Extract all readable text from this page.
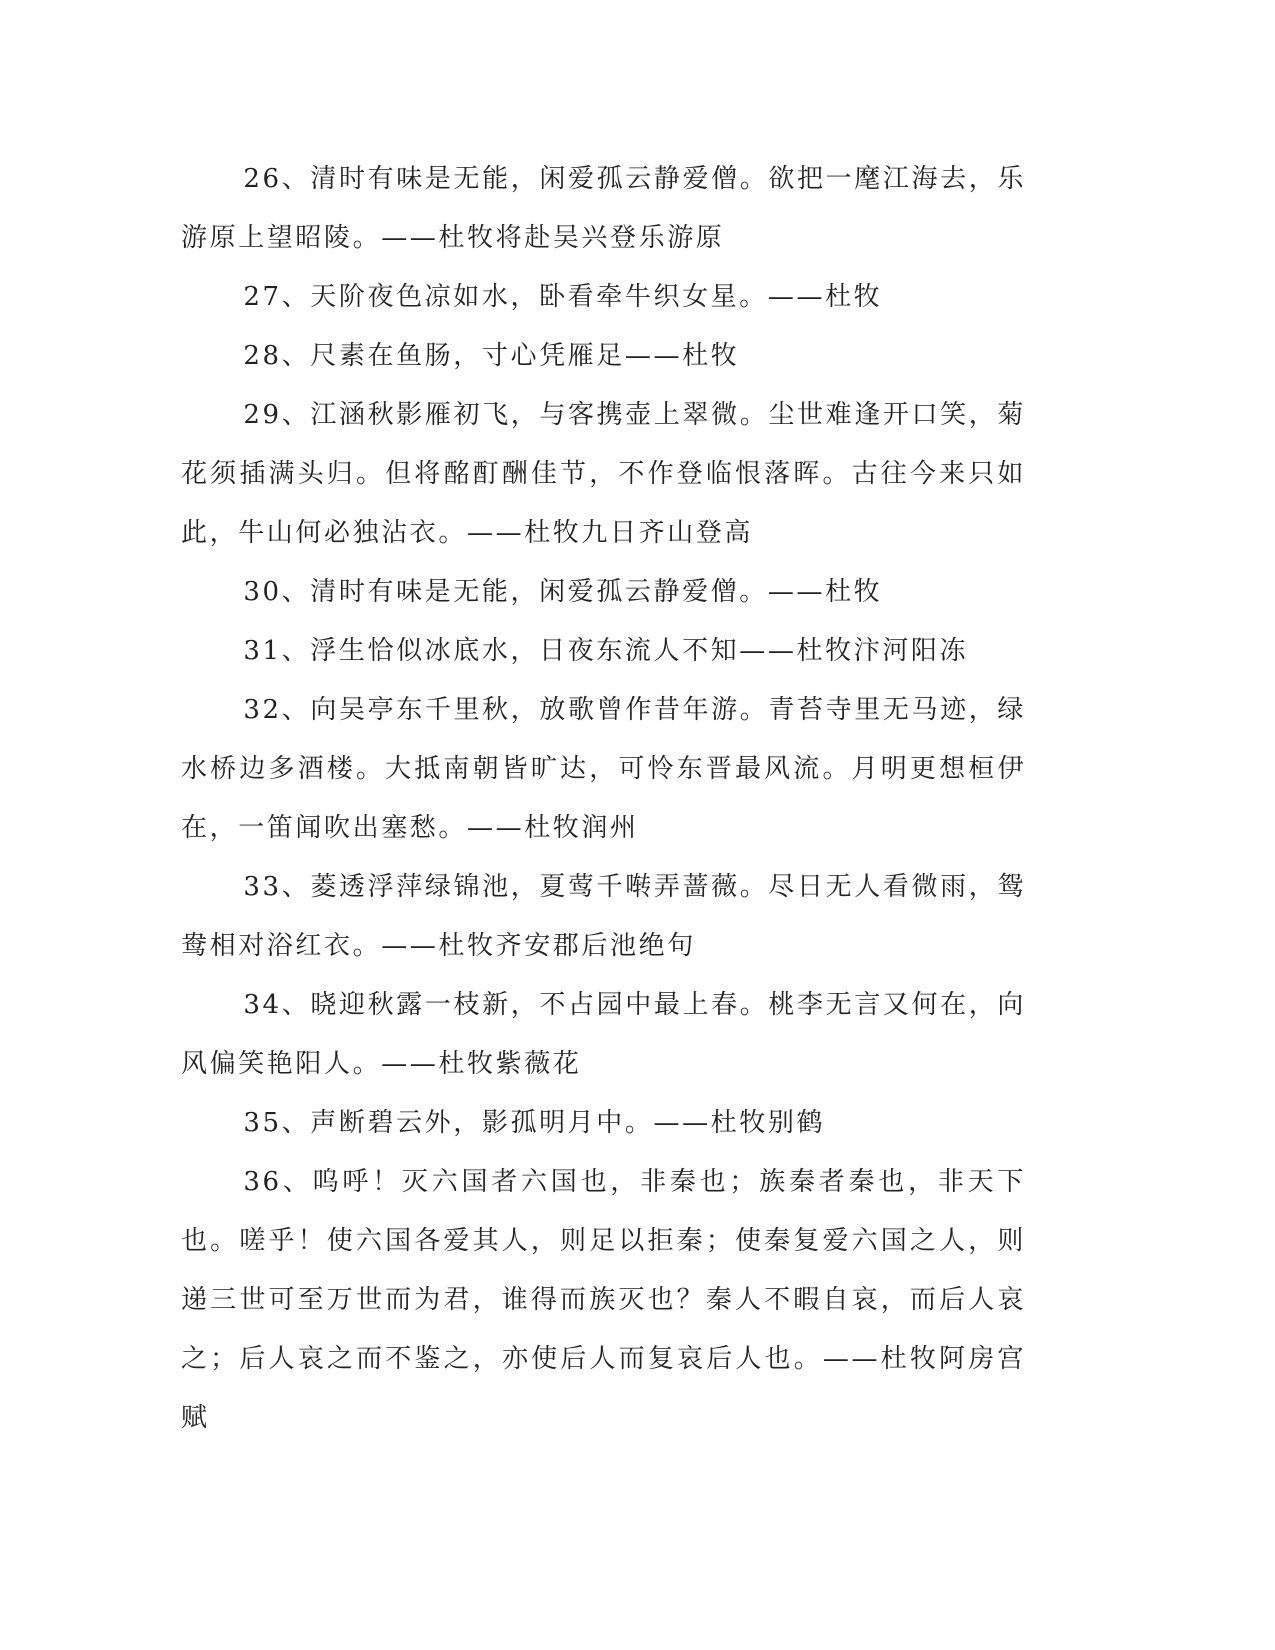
26、清时有味是无能，闲爱孤云静爱僧。欲把一麾江海去，乐游原上望昭陵。——杜牧将赴吴兴登乐游原

27、天阶夜色凉如水，卧看牵牛织女星。——杜牧

28、尺素在鱼肠，寸心凭雁足——杜牧

29、江涵秋影雁初飞，与客携壶上翠微。尘世难逢开口笑，菊花须插满头归。但将酩酊酬佳节，不作登临恨落晖。古往今来只如此，牛山何必独沾衣。——杜牧九日齐山登高

30、清时有味是无能，闲爱孤云静爱僧。——杜牧

31、浮生恰似冰底水，日夜东流人不知——杜牧汴河阳冻

32、向吴亭东千里秋，放歌曾作昔年游。青苔寺里无马迹，绿水桥边多酒楼。大抵南朝皆旷达，可怜东晋最风流。月明更想桓伊在，一笛闻吹出塞愁。——杜牧润州

33、菱透浮萍绿锦池，夏莺千啭弄蔷薇。尽日无人看微雨，鸳鸯相对浴红衣。——杜牧齐安郡后池绝句

34、晓迎秋露一枝新，不占园中最上春。桃李无言又何在，向风偏笑艳阳人。——杜牧紫薇花

35、声断碧云外，影孤明月中。——杜牧别鹤

36、呜呼！灭六国者六国也，非秦也；族秦者秦也，非天下也。嗟乎！使六国各爱其人，则足以拒秦；使秦复爱六国之人，则递三世可至万世而为君，谁得而族灭也？秦人不暇自哀，而后人哀之；后人哀之而不鉴之，亦使后人而复哀后人也。——杜牧阿房宫赋
